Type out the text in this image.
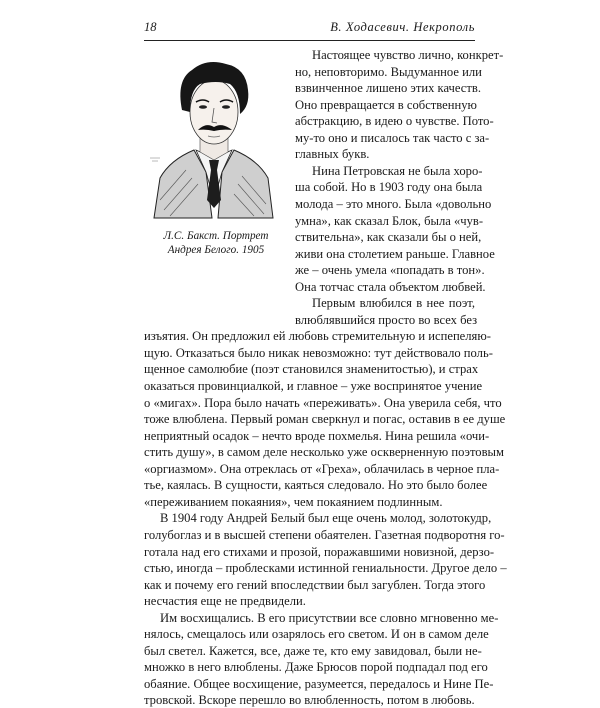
18	В. Ходасевич. Некрополь
Л.С. Бакст. Портрет
Андрея Белого. 1905
Настоящее чувство лично, конкрет-
но, неповторимо. Выдуманное или
взвинченное лишено этих качеств.
Оно превращается в собственную
абстракцию, в идею о чувстве. Пото-
му-то оно и писалось так часто с за-
главных букв.
Нина Петровская не была хоро-
ша собой. Но в 1903 году она была
молода – это много. Была «довольно
умна», как сказал Блок, была «чув-
ствительна», как сказали бы о ней,
живи она столетием раньше. Главное
же – очень умела «попадать в тон».
Она тотчас стала объектом любвей.
Первым влюбился в нее поэт,
влюблявшийся просто во всех без
изъятия. Он предложил ей любовь стремительную и испепеляю-
щую. Отказаться было никак невозможно: тут действовало поль-
щенное самолюбие (поэт становился знаменитостью), и страх
оказаться провинциалкой, и главное – уже воспринятое учение
о «мигах». Пора было начать «переживать». Она уверила себя, что
тоже влюблена. Первый роман сверкнул и погас, оставив в ее душе
неприятный осадок – нечто вроде похмелья. Нина решила «очи-
стить душу», в самом деле несколько уже оскверненную поэтовым
«оргиазмом». Она отреклась от «Греха», облачилась в черное пла-
тье, каялась. В сущности, каяться следовало. Но это было более
«переживанием покаяния», чем покаянием подлинным.
В 1904 году Андрей Белый был еще очень молод, золотокудр,
голубоглаз и в высшей степени обаятелен. Газетная подворотня го-
готала над его стихами и прозой, поражавшими новизной, дерзо-
стью, иногда – проблесками истинной гениальности. Другое дело –
как и почему его гений впоследствии был загублен. Тогда этого
несчастия еще не предвидели.
Им восхищались. В его присутствии все словно мгновенно ме-
нялось, смещалось или озарялось его светом. И он в самом деле
был светел. Кажется, все, даже те, кто ему завидовал, были не-
множко в него влюблены. Даже Брюсов порой подпадал под его
обаяние. Общее восхищение, разумеется, передалось и Нине Пе-
тровской. Вскоре перешло во влюбленность, потом в любовь.
